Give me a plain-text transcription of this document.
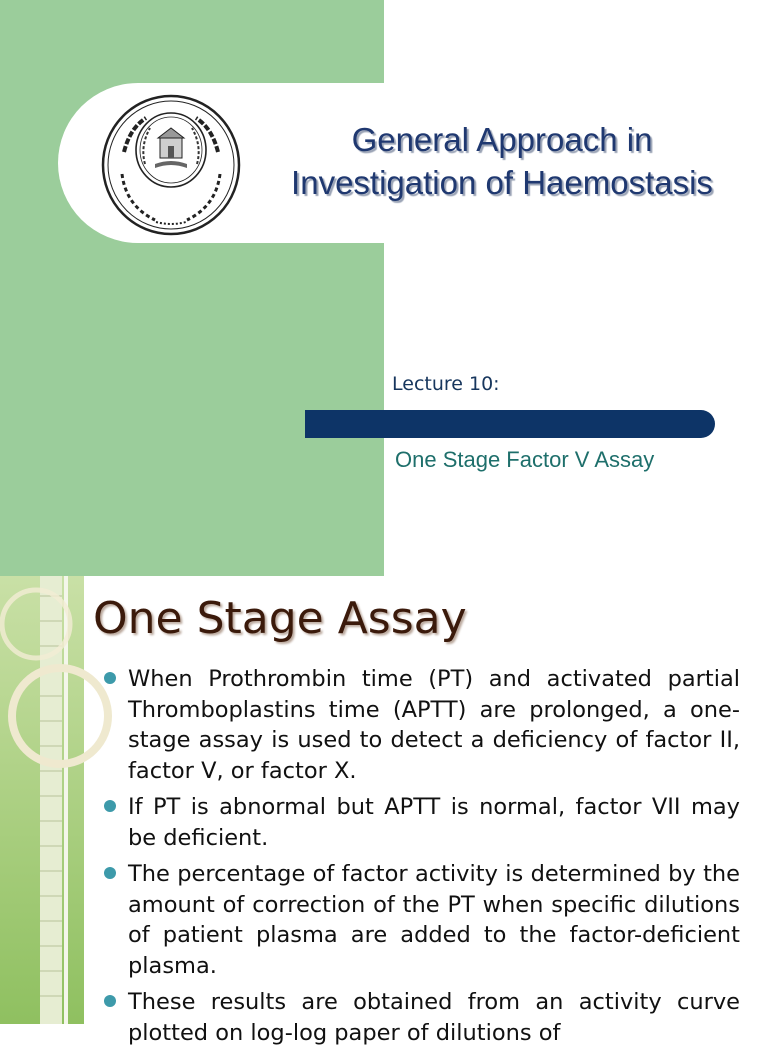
General Approach in
Investigation of Haemostasis
Lecture 10:
One Stage Factor V Assay
One Stage Assay
When Prothrombin time (PT) and activated partial Thromboplastins time (APTT) are prolonged, a one-stage assay is used to detect a deficiency of factor II, factor V, or factor X.
If PT is abnormal but APTT is normal, factor VII may be deficient.
The percentage of factor activity is determined by the amount of correction of the PT when specific dilutions of patient plasma are added to the factor-deficient plasma.
These results are obtained from an activity curve plotted on log-log paper of dilutions of
